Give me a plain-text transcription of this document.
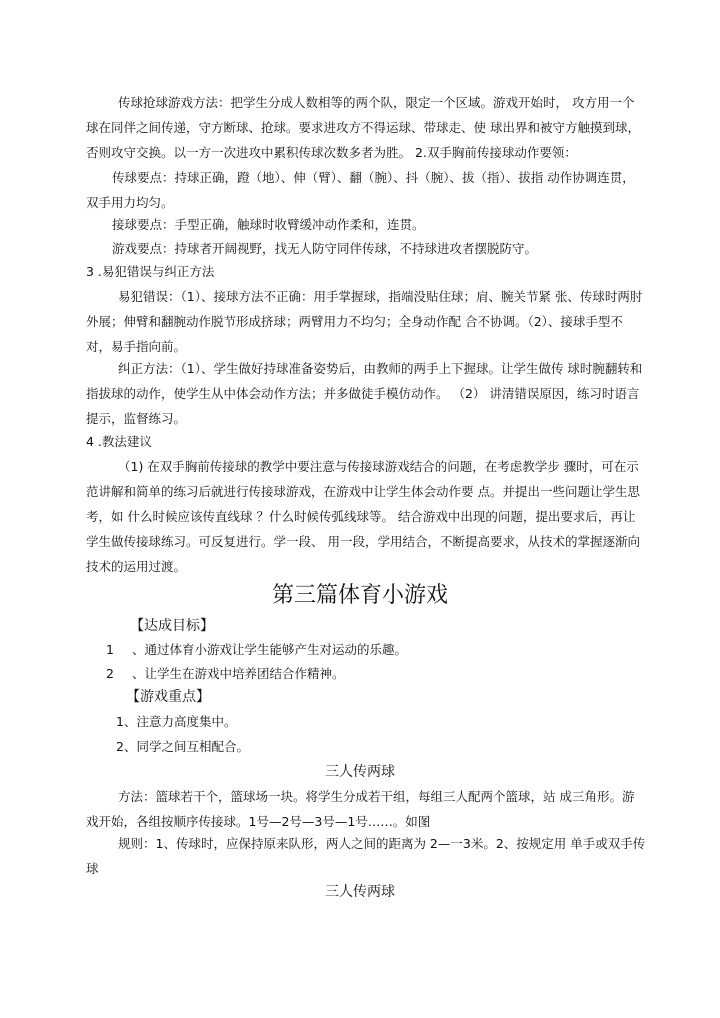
传球抢球游戏方法：把学生分成人数相等的两个队，限定一个区域。游戏开始时， 攻方用一个球在同伴之间传递，守方断球、抢球。要求进攻方不得运球、带球走、使 球出界和被守方触摸到球，否则攻守交换。以一方一次进攻中累积传球次数多者为胜。 2.双手胸前传接球动作要领：

传球要点：持球正确，蹬（地）、伸（臂）、翻（腕）、抖（腕）、拔（指）、拔指 动作协调连贯，双手用力均匀。

接球要点：手型正确，触球时收臂缓冲动作柔和，连贯。

游戏要点：持球者开阔视野，找无人防守同伴传球，不持球进攻者摆脱防守。

3 .易犯错误与纠正方法

易犯错误：（1）、接球方法不正确：用手掌握球，指端没贴住球；肩、腕关节紧 张、传球时两肘外展；伸臂和翻腕动作脱节形成挤球；两臂用力不均匀；全身动作配 合不协调。（2）、接球手型不对，易手指向前。

纠正方法：（1）、学生做好持球准备姿势后，由教师的两手上下握球。让学生做传 球时腕翻转和指拔球的动作，使学生从中体会动作方法；并多做徒手模仿动作。 （2） 讲清错误原因，练习时语言提示，监督练习。

4 .教法建议

（1) 在双手胸前传接球的教学中要注意与传接球游戏结合的问题，在考虑教学步 骤时，可在示范讲解和简单的练习后就进行传接球游戏，在游戏中让学生体会动作要 点。并提出一些问题让学生思考，如 什么时候应该传直线球 ？什么时候传弧线球等。 结合游戏中出现的问题，提出要求后，再让学生做传接球练习。可反复进行。学一段、 用一段，学用结合，不断提高要求，从技术的掌握逐渐向技术的运用过渡。

第三篇体育小游戏

【达成目标】

1 、通过体育小游戏让学生能够产生对运动的乐趣。

2 、让学生在游戏中培养团结合作精神。

【游戏重点】

1、注意力高度集中。

2、同学之间互相配合。

三人传两球

方法：篮球若干个，篮球场一块。将学生分成若干组，每组三人配两个篮球，站 成三角形。游戏开始，各组按顺序传接球。1号—2号—3号—1号……。如图

规则：1、传球时，应保持原来队形，两人之间的距离为 2—一3米。2、按规定用 单手或双手传球

三人传两球
